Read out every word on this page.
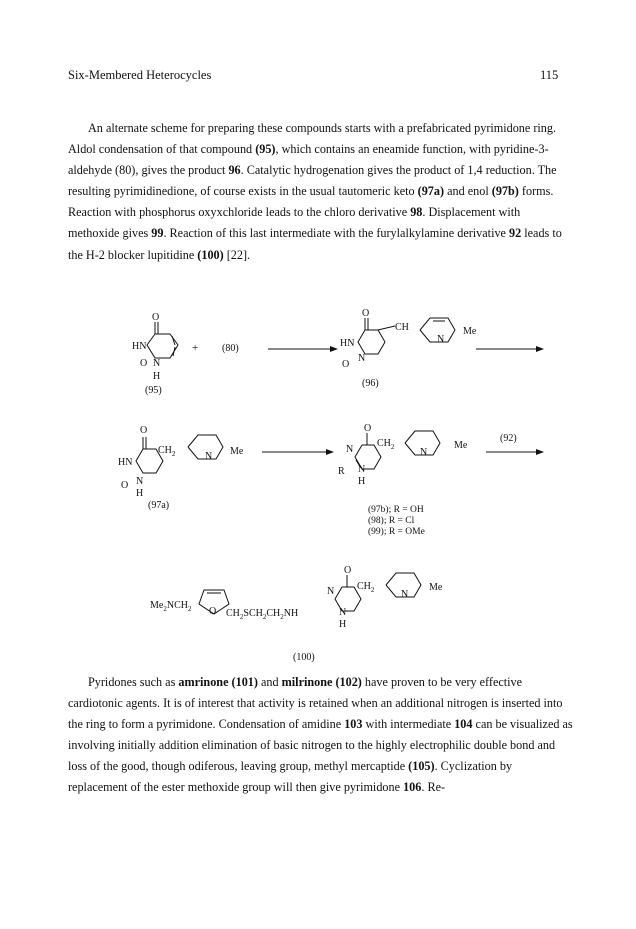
Six-Membered Heterocycles	115

An alternate scheme for preparing these compounds starts with a prefabricated pyrimidone ring. Aldol condensation of that compound (95), which contains an eneamide function, with pyridine-3-aldehyde (80), gives the product 96. Catalytic hydrogenation gives the product of 1,4 reduction. The resulting pyrimidinedione, of course exists in the usual tautomeric keto (97a) and enol (97b) forms. Reaction with phosphorus oxyxchloride leads to the chloro derivative 98. Displacement with methoxide gives 99. Reaction of this last intermediate with the furylalkylamine derivative 92 leads to the H-2 blocker lupitidine (100) [22].

O
HN
O N
H
(95)
+ (80)
O
HN
O
N
CH
N
Me
(96)
O
HN
O N
H
$CH_2$	N Me
(97a)
O
N
R N
H
$CH_2$	N
Me
(92)
(97b); R = OH
(98); R = Cl
(99); R = OMe
$Me_2NCH_2$ O $CH_2SCH_2CH_2NH$
O
N
N
H
$CH_2$	N
Me
(100)

Pyridones such as amrinone (101) and milrinone (102) have proven to be very effective cardiotonic agents. It is of interest that activity is retained when an additional nitrogen is inserted into the ring to form a pyrimidone. Condensation of amidine 103 with intermediate 104 can be visualized as involving initially addition elimination of basic nitrogen to the highly electrophilic double bond and loss of the good, though odiferous, leaving group, methyl mercaptide (105). Cyclization by replacement of the ester methoxide group will then give pyrimidone 106. Re-
